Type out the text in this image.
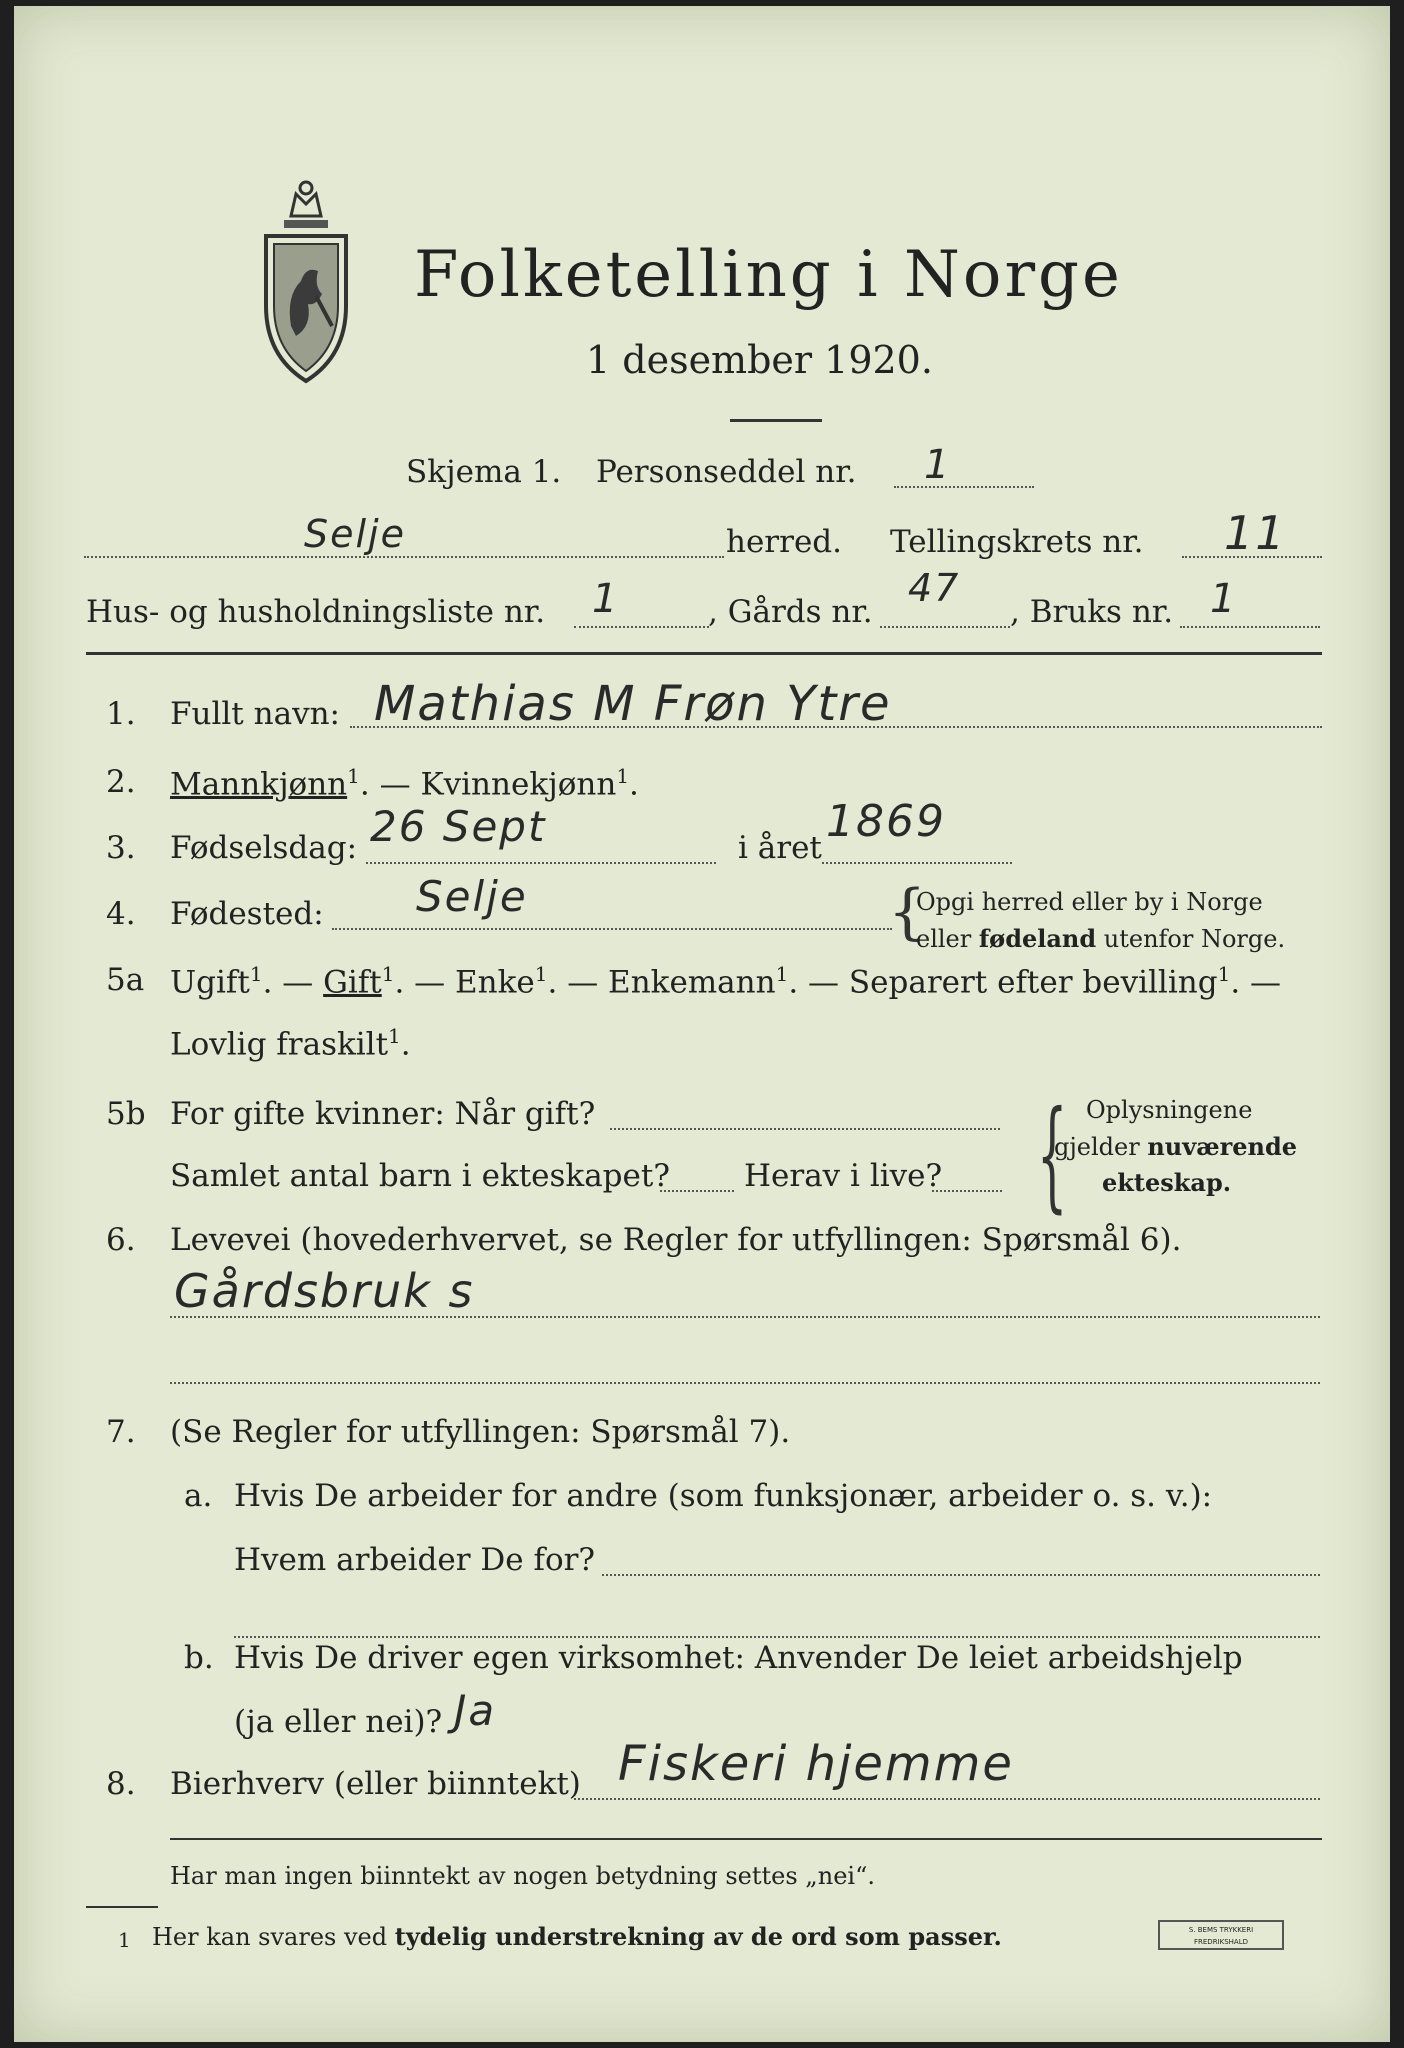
Folketelling i Norge
1 desember 1920.
Skjema 1. Personseddel nr. 1
Selje	herred. Tellingskrets nr. 11
Hus- og husholdningsliste nr. 1	, Gårds nr.
47
, Bruks nr. 1
1. Fullt navn: Mathias M Frøn Ytre
2. Mannkjønn$^1$. — Kvinnekjønn$^1$.
3. Fødselsdag: 26 Sept	i året
1869
4. Fødested: Selje	{
Opgi herred eller by i Norge
eller fødeland utenfor Norge.
5a Ugift$^1$. — Gift$^1$. — Enke$^1$. — Enkemann$^1$. — Separert efter bevilling$^1$. —
Lovlig fraskilt$^1$.
5b For gifte kvinner: Når gift?
Samlet antal barn i ekteskapet? Herav i live? { Oplysningene
gjelder nuværende
ekteskap.
6. Levevei (hovederhvervet, se Regler for utfyllingen: Spørsmål 6).
Gårdsbruk s
7. (Se Regler for utfyllingen: Spørsmål 7).
a. Hvis De arbeider for andre (som funksjonær, arbeider o. s. v.):
Hvem arbeider De for?
b. Hvis De driver egen virksomhet: Anvender De leiet arbeidshjelp
(ja eller nei)? Ja
8. Bierhverv (eller biinntekt) Fiskeri hjemme
Har man ingen biinntekt av nogen betydning settes „nei“.
1 Her kan svares ved tydelig understrekning av de ord som passer.	S. BEMS TRYKKERI
FREDRIKSHALD
